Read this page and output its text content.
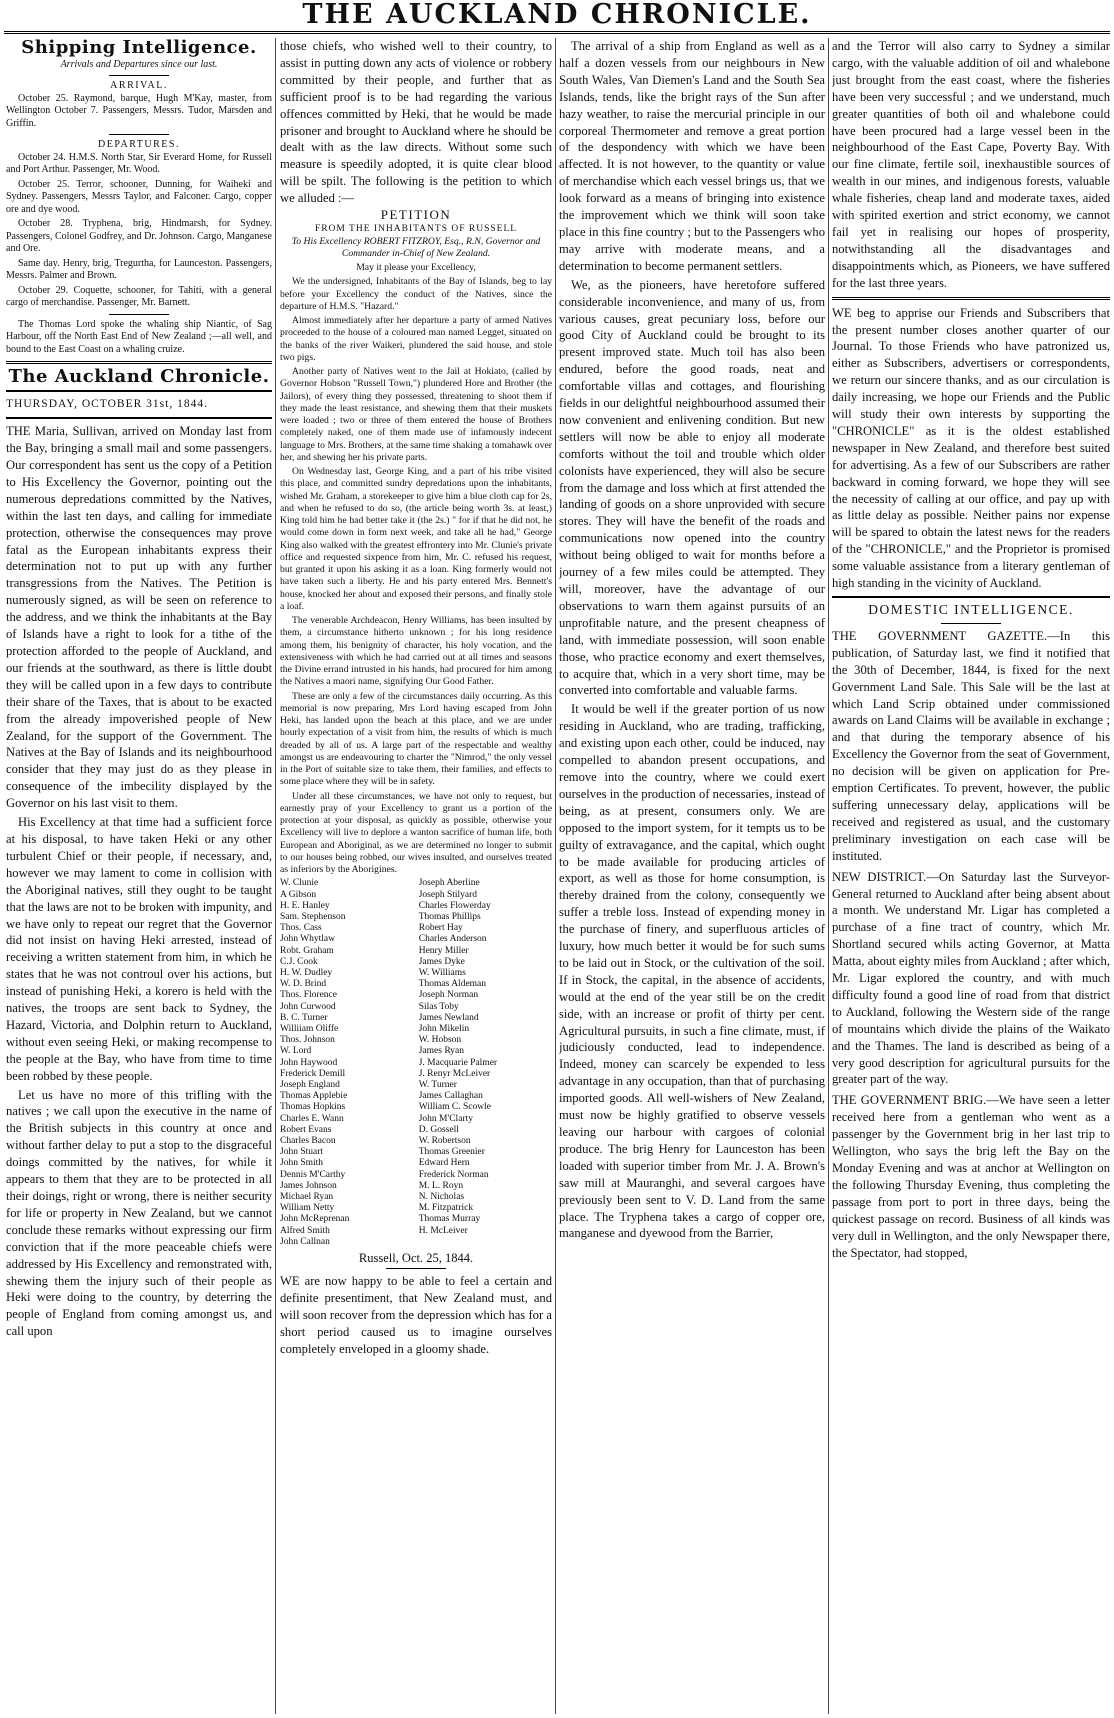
THE AUCKLAND CHRONICLE.
Shipping Intelligence.
Arrivals and Departures since our last.
ARRIVAL.

October 25. Raymond, barque, Hugh M'Kay, master, from Wellington October 7. Passengers, Messrs. Tudor, Marsden and Griffin.

DEPARTURES.

October 24. H.M.S. North Star, Sir Everard Home, for Russell and Port Arthur. Passenger, Mr. Wood.

October 25. Terror, schooner, Dunning, for Waiheki and Sydney. Passengers, Messrs Taylor, and Falconer. Cargo, copper ore and dye wood.

October 28. Tryphena, brig, Hindmarsh, for Sydney. Passengers, Colonel Godfrey, and Dr. Johnson. Cargo, Manganese and Ore.

Same day. Henry, brig, Tregurtha, for Launceston. Passengers, Messrs. Palmer and Brown.

October 29. Coquette, schooner, for Tahiti, with a general cargo of merchandise. Passenger, Mr. Barnett.

The Thomas Lord spoke the whaling ship Niantic, of Sag Harbour, off the North East End of New Zealand ;—all well, and bound to the East Coast on a whaling cruize.

The Auckland Chronicle.
THURSDAY, OCTOBER 31st, 1844.

THE Maria, Sullivan, arrived on Monday last from the Bay, bringing a small mail and some passengers. Our correspondent has sent us the copy of a Petition to His Excellency the Governor, pointing out the numerous depredations committed by the Natives, within the last ten days, and calling for immediate protection, otherwise the consequences may prove fatal as the European inhabitants express their determination not to put up with any further transgressions from the Natives. The Petition is numerously signed, as will be seen on reference to the address, and we think the inhabitants at the Bay of Islands have a right to look for a tithe of the protection afforded to the people of Auckland, and our friends at the southward, as there is little doubt they will be called upon in a few days to contribute their share of the Taxes, that is about to be exacted from the already impoverished people of New Zealand, for the support of the Government. The Natives at the Bay of Islands and its neighbourhood consider that they may just do as they please in consequence of the imbecility displayed by the Governor on his last visit to them.

His Excellency at that time had a sufficient force at his disposal, to have taken Heki or any other turbulent Chief or their people, if necessary, and, however we may lament to come in collision with the Aboriginal natives, still they ought to be taught that the laws are not to be broken with impunity, and we have only to repeat our regret that the Governor did not insist on having Heki arrested, instead of receiving a written statement from him, in which he states that he was not controul over his actions, but instead of punishing Heki, a korero is held with the natives, the troops are sent back to Sydney, the Hazard, Victoria, and Dolphin return to Auckland, without even seeing Heki, or making recompense to the people at the Bay, who have from time to time been robbed by these people.

Let us have no more of this trifling with the natives ; we call upon the executive in the name of the British subjects in this country at once and without farther delay to put a stop to the disgraceful doings committed by the natives, for while it appears to them that they are to be protected in all their doings, right or wrong, there is neither security for life or property in New Zealand, but we cannot conclude these remarks without expressing our firm conviction that if the more peaceable chiefs were addressed by His Excellency and remonstrated with, shewing them the injury such of their people as Heki were doing to the country, by deterring the people of England from coming amongst us, and call upon

those chiefs, who wished well to their country, to assist in putting down any acts of violence or robbery committed by their people, and further that as sufficient proof is to be had regarding the various offences committed by Heki, that he would be made prisoner and brought to Auckland where he should be dealt with as the law directs. Without some such measure is speedily adopted, it is quite clear blood will be spilt. The following is the petition to which we alluded :—

PETITION
FROM THE INHABITANTS OF RUSSELL

To His Excellency ROBERT FITZROY, Esq., R.N, Governor and Commander in-Chief of New Zealand.

May it please your Excellency,

We the undersigned, Inhabitants of the Bay of Islands, beg to lay before your Excellency the conduct of the Natives, since the departure of H.M.S. "Hazard."

Almost immediately after her departure a party of armed Natives proceeded to the house of a coloured man named Legget, situated on the banks of the river Waikeri, plundered the said house, and stole two pigs.

Another party of Natives went to the Jail at Hokiato, (called by Governor Hobson "Russell Town,") plundered Hore and Brother (the Jailors), of every thing they possessed, threatening to shoot them if they made the least resistance, and shewing them that their muskets were loaded ; two or three of them entered the house of Brothers completely naked, one of them made use of infamously indecent language to Mrs. Brothers, at the same time shaking a tomahawk over her, and shewing her his private parts.

On Wednesday last, George King, and a part of his tribe visited this place, and committed sundry depredations upon the inhabitants, wished Mr. Graham, a storekeeper to give him a blue cloth cap for 2s, and when he refused to do so, (the article being worth 3s. at least,) King told him he had better take it (the 2s.) " for if that he did not, he would come down in form next week, and take all he had," George King also walked with the greatest effrontery into Mr. Clunie's private office and requested sixpence from him, Mr. C. refused his request, but granted it upon his asking it as a loan. King formerly would not have taken such a liberty. He and his party entered Mrs. Bennett's house, knocked her about and exposed their persons, and finally stole a loaf.

The venerable Archdeacon, Henry Williams, has been insulted by them, a circumstance hitherto unknown ; for his long residence among them, his benignity of character, his holy vocation, and the extensiveness with which he had carried out at all times and seasons the Divine errand intrusted in his hands, had procured for him among the Natives a maori name, signifying Our Good Father.

These are only a few of the circumstances daily occurring. As this memorial is now preparing, Mrs Lord having escaped from John Heki, has landed upon the beach at this place, and we are under hourly expectation of a visit from him, the results of which is much dreaded by all of us. A large part of the respectable and wealthy amongst us are endeavouring to charter the "Nimrod," the only vessel in the Port of suitable size to take them, their families, and effects to some place where they will be in safety.

Under all these circumstances, we have not only to request, but earnestly pray of your Excellency to grant us a portion of the protection at your disposal, as quickly as possible, otherwise your Excellency will live to deplore a wanton sacrifice of human life, both European and Aboriginal, as we are determined no longer to submit to our houses being robbed, our wives insulted, and ourselves treated as inferiors by the Aborigines.

W. Clunie
A Gibson
H. E. Hanley
Sam. Stephenson
Thos. Cass
John Whytlaw
Robt. Graham
C.J. Cook
H. W. Dudley
W. D. Brind
Thos. Florence
John Curwood
B. C. Turner
Williiam Oliffe
Thos. Johnson
W. Lord
John Haywood
Frederick Demill
Joseph England
Thomas Applebie
Thomas Hopkins
Charles E. Wann
Robert Evans
Charles Bacon
John Stuart
John Smith
Dennis M'Carthy
James Johnson
Michael Ryan
William Netty
John McReprenan
Alfred Smith
John Callnan
Joseph Aberline
Joseph Stilyard
Charles Flowerday
Thomas Phillips
Robert Hay
Charles Anderson
Henry Miller
James Dyke
W. Williams
Thomas Aldeman
Joseph Norman
Silas Toby
James Newland
John Mikelin
W. Hobson
James Ryan
J. Macquarie Palmer
J. Renyr McLeiver
W. Turner
James Callaghan
William C. Scowle
John M'Clarty
D. Gossell
W. Robertson
Thomas Greenier
Edward Hern
Frederick Norman
M. L. Royn
N. Nicholas
M. Fitzpatrick
Thomas Murray
H. McLeiver
Russell, Oct. 25, 1844.

WE are now happy to be able to feel a certain and definite presentiment, that New Zealand must, and will soon recover from the depression which has for a short period caused us to imagine ourselves completely enveloped in a gloomy shade.

The arrival of a ship from England as well as a half a dozen vessels from our neighbours in New South Wales, Van Diemen's Land and the South Sea Islands, tends, like the bright rays of the Sun after hazy weather, to raise the mercurial principle in our corporeal Thermometer and remove a great portion of the despondency with which we have been affected. It is not however, to the quantity or value of merchandise which each vessel brings us, that we look forward as a means of bringing into existence the improvement which we think will soon take place in this fine country ; but to the Passengers who may arrive with moderate means, and a determination to become permanent settlers.

We, as the pioneers, have heretofore suffered considerable inconvenience, and many of us, from various causes, great pecuniary loss, before our good City of Auckland could be brought to its present improved state. Much toil has also been endured, before the good roads, neat and comfortable villas and cottages, and flourishing fields in our delightful neighbourhood assumed their now convenient and enlivening condition. But new settlers will now be able to enjoy all moderate comforts without the toil and trouble which older colonists have experienced, they will also be secure from the damage and loss which at first attended the landing of goods on a shore unprovided with secure stores. They will have the benefit of the roads and communications now opened into the country without being obliged to wait for months before a journey of a few miles could be attempted. They will, moreover, have the advantage of our observations to warn them against pursuits of an unprofitable nature, and the present cheapness of land, with immediate possession, will soon enable those, who practice economy and exert themselves, to acquire that, which in a very short time, may be converted into comfortable and valuable farms.

It would be well if the greater portion of us now residing in Auckland, who are trading, trafficking, and existing upon each other, could be induced, nay compelled to abandon present occupations, and remove into the country, where we could exert ourselves in the production of necessaries, instead of being, as at present, consumers only. We are opposed to the import system, for it tempts us to be guilty of extravagance, and the capital, which ought to be made available for producing articles of export, as well as those for home consumption, is thereby drained from the colony, consequently we suffer a treble loss. Instead of expending money in the purchase of finery, and superfluous articles of luxury, how much better it would be for such sums to be laid out in Stock, or the cultivation of the soil. If in Stock, the capital, in the absence of accidents, would at the end of the year still be on the credit side, with an increase or profit of thirty per cent. Agricultural pursuits, in such a fine climate, must, if judiciously conducted, lead to independence. Indeed, money can scarcely be expended to less advantage in any occupation, than that of purchasing imported goods. All well-wishers of New Zealand, must now be highly gratified to observe vessels leaving our harbour with cargoes of colonial produce. The brig Henry for Launceston has been loaded with superior timber from Mr. J. A. Brown's saw mill at Mauranghi, and several cargoes have previously been sent to V. D. Land from the same place. The Tryphena takes a cargo of copper ore, manganese and dyewood from the Barrier,

and the Terror will also carry to Sydney a similar cargo, with the valuable addition of oil and whalebone just brought from the east coast, where the fisheries have been very successful ; and we understand, much greater quantities of both oil and whalebone could have been procured had a large vessel been in the neighbourhood of the East Cape, Poverty Bay. With our fine climate, fertile soil, inexhaustible sources of wealth in our mines, and indigenous forests, valuable whale fisheries, cheap land and moderate taxes, aided with spirited exertion and strict economy, we cannot fail yet in realising our hopes of prosperity, notwithstanding all the disadvantages and disappointments which, as Pioneers, we have suffered for the last three years.

WE beg to apprise our Friends and Subscribers that the present number closes another quarter of our Journal. To those Friends who have patronized us, either as Subscribers, advertisers or correspondents, we return our sincere thanks, and as our circulation is daily increasing, we hope our Friends and the Public will study their own interests by supporting the "CHRONICLE" as it is the oldest established newspaper in New Zealand, and therefore best suited for advertising. As a few of our Subscribers are rather backward in coming forward, we hope they will see the necessity of calling at our office, and pay up with as little delay as possible. Neither pains nor expense will be spared to obtain the latest news for the readers of the "CHRONICLE," and the Proprietor is promised some valuable assistance from a literary gentleman of high standing in the vicinity of Auckland.

DOMESTIC INTELLIGENCE.
THE GOVERNMENT GAZETTE.—In this publication, of Saturday last, we find it notified that the 30th of December, 1844, is fixed for the next Government Land Sale. This Sale will be the last at which Land Scrip obtained under commissioned awards on Land Claims will be available in exchange ; and that during the temporary absence of his Excellency the Governor from the seat of Government, no decision will be given on application for Pre-emption Certificates. To prevent, however, the public suffering unnecessary delay, applications will be received and registered as usual, and the customary preliminary investigation on each case will be instituted.
NEW DISTRICT.—On Saturday last the Surveyor-General returned to Auckland after being absent about a month. We understand Mr. Ligar has completed a purchase of a fine tract of country, which Mr. Shortland secured whils acting Governor, at Matta Matta, about eighty miles from Auckland ; after which, Mr. Ligar explored the country, and with much difficulty found a good line of road from that district to Auckland, following the Western side of the range of mountains which divide the plains of the Waikato and the Thames. The land is described as being of a very good description for agricultural pursuits for the greater part of the way.
THE GOVERNMENT BRIG.—We have seen a letter received here from a gentleman who went as a passenger by the Government brig in her last trip to Wellington, who says the brig left the Bay on the Monday Evening and was at anchor at Wellington on the following Thursday Evening, thus completing the passage from port to port in three days, being the quickest passage on record. Business of all kinds was very dull in Wellington, and the only Newspaper there, the Spectator, had stopped,
